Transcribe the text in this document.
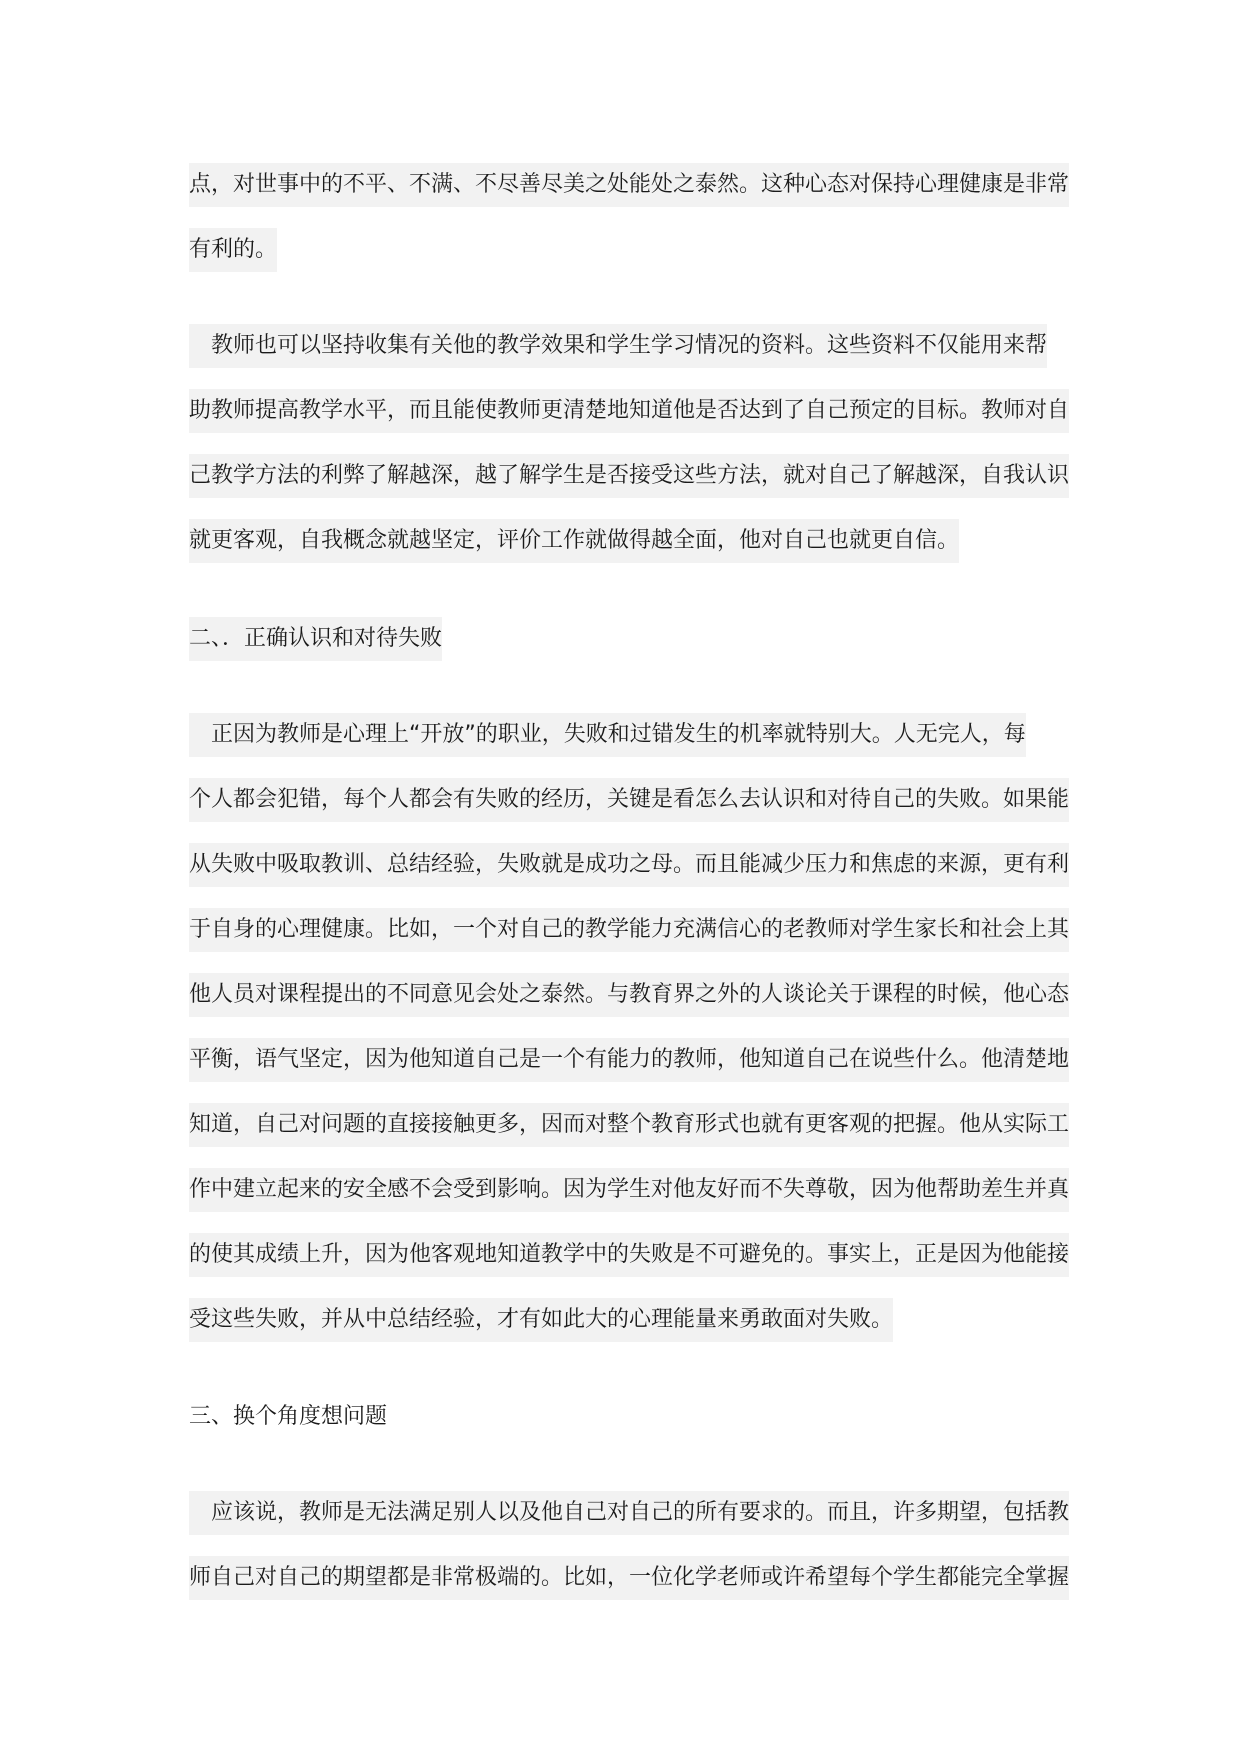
点，对世事中的不平、不满、不尽善尽美之处能处之泰然。这种心态对保持心理健康是非常
有利的。
　教师也可以坚持收集有关他的教学效果和学生学习情况的资料。这些资料不仅能用来帮
助教师提高教学水平，而且能使教师更清楚地知道他是否达到了自己预定的目标。教师对自
己教学方法的利弊了解越深，越了解学生是否接受这些方法，就对自己了解越深，自我认识
就更客观，自我概念就越坚定，评价工作就做得越全面，他对自己也就更自信。
二、．正确认识和对待失败
　正因为教师是心理上“开放”的职业，失败和过错发生的机率就特别大。人无完人，每
个人都会犯错，每个人都会有失败的经历，关键是看怎么去认识和对待自己的失败。如果能
从失败中吸取教训、总结经验，失败就是成功之母。而且能减少压力和焦虑的来源，更有利
于自身的心理健康。比如，一个对自己的教学能力充满信心的老教师对学生家长和社会上其
他人员对课程提出的不同意见会处之泰然。与教育界之外的人谈论关于课程的时候，他心态
平衡，语气坚定，因为他知道自己是一个有能力的教师，他知道自己在说些什么。他清楚地
知道，自己对问题的直接接触更多，因而对整个教育形式也就有更客观的把握。他从实际工
作中建立起来的安全感不会受到影响。因为学生对他友好而不失尊敬，因为他帮助差生并真
的使其成绩上升，因为他客观地知道教学中的失败是不可避免的。事实上，正是因为他能接
受这些失败，并从中总结经验，才有如此大的心理能量来勇敢面对失败。
三、换个角度想问题
　应该说，教师是无法满足别人以及他自己对自己的所有要求的。而且，许多期望，包括教
师自己对自己的期望都是非常极端的。比如，一位化学老师或许希望每个学生都能完全掌握
